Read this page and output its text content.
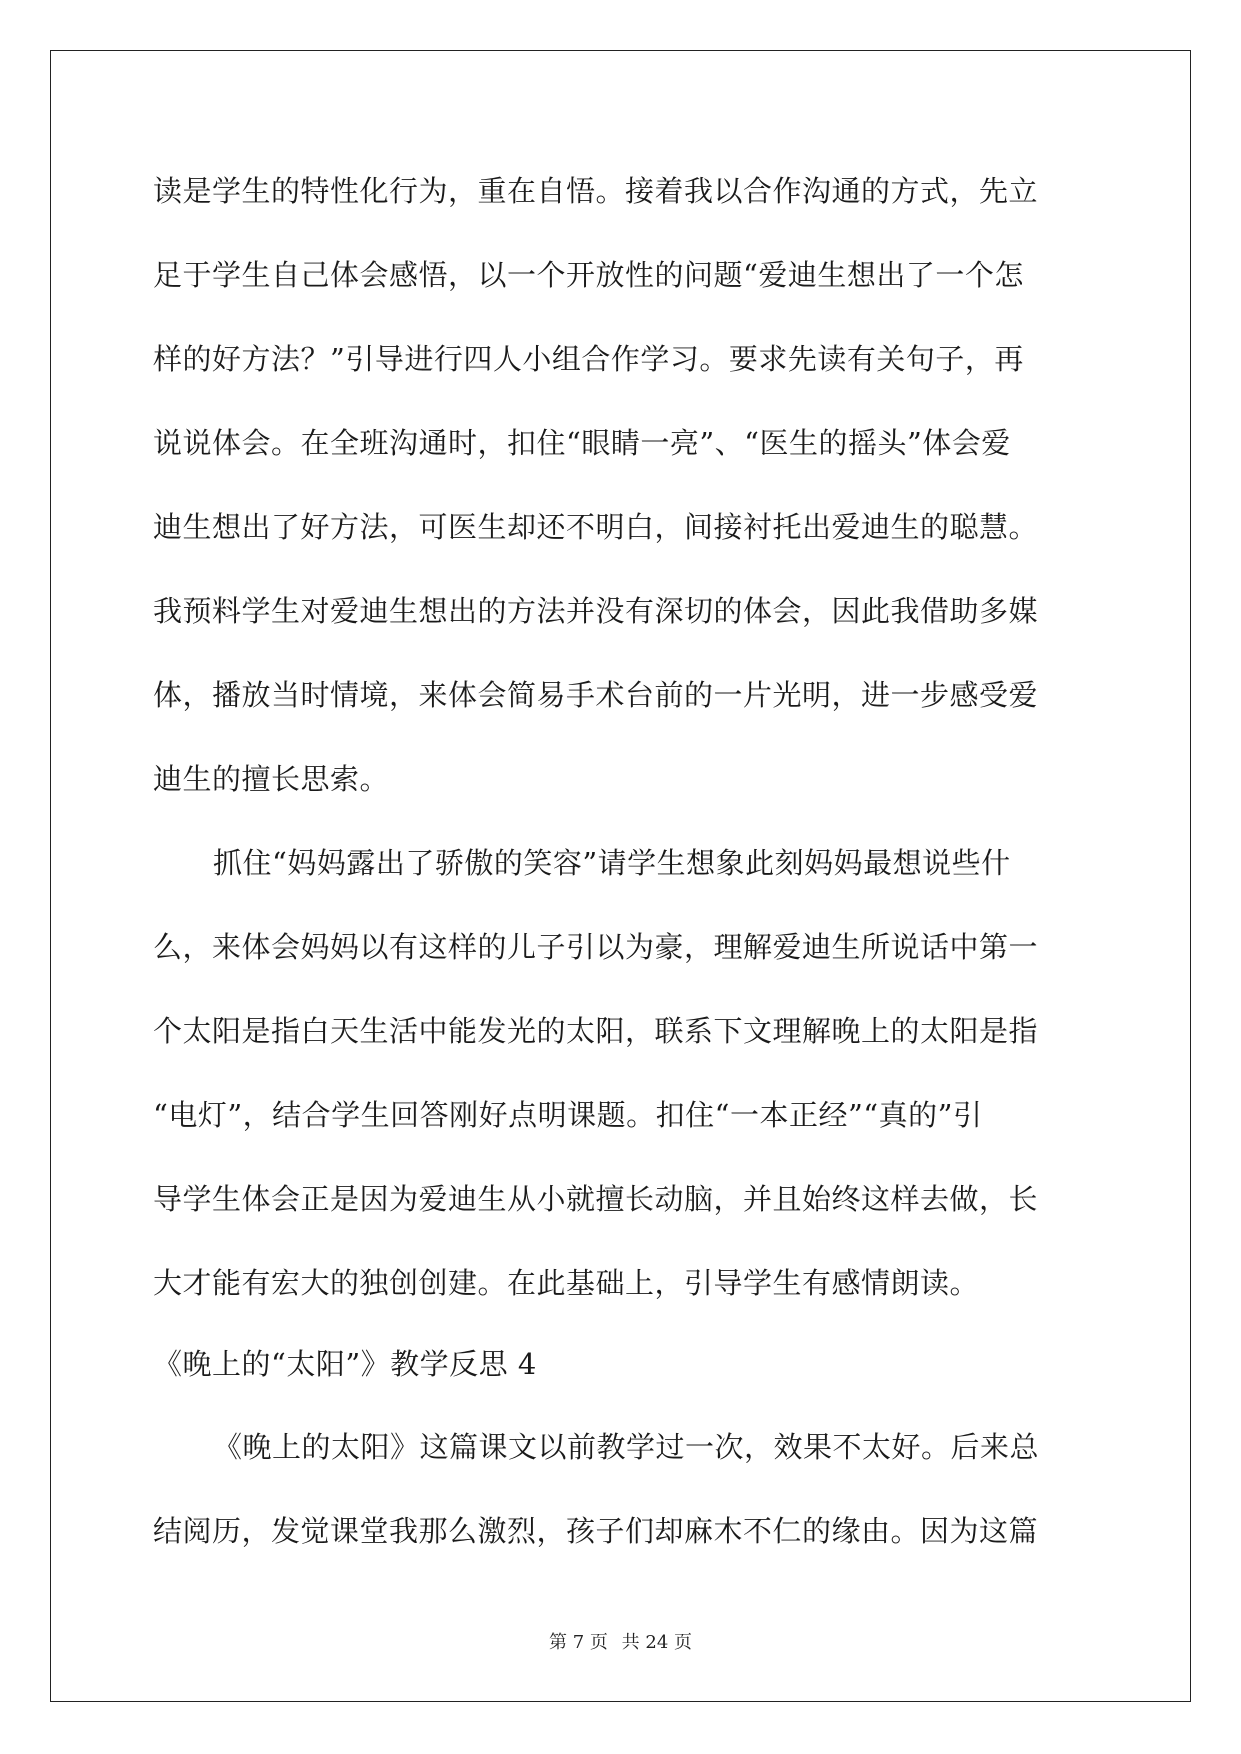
读是学生的特性化行为，重在自悟。接着我以合作沟通的方式，先立
足于学生自己体会感悟，以一个开放性的问题“爱迪生想出了一个怎
样的好方法？”引导进行四人小组合作学习。要求先读有关句子，再
说说体会。在全班沟通时，扣住“眼睛一亮”、“医生的摇头”体会爱
迪生想出了好方法，可医生却还不明白，间接衬托出爱迪生的聪慧。
我预料学生对爱迪生想出的方法并没有深切的体会，因此我借助多媒
体，播放当时情境，来体会简易手术台前的一片光明，进一步感受爱
迪生的擅长思索。
抓住“妈妈露出了骄傲的笑容”请学生想象此刻妈妈最想说些什
么，来体会妈妈以有这样的儿子引以为豪，理解爱迪生所说话中第一
个太阳是指白天生活中能发光的太阳，联系下文理解晚上的太阳是指
“电灯”，结合学生回答刚好点明课题。扣住“一本正经”“真的”引
导学生体会正是因为爱迪生从小就擅长动脑，并且始终这样去做，长
大才能有宏大的独创创建。在此基础上，引导学生有感情朗读。
《晚上的“太阳”》教学反思 4
《晚上的太阳》这篇课文以前教学过一次，效果不太好。后来总
结阅历，发觉课堂我那么激烈，孩子们却麻木不仁的缘由。因为这篇
第 7 页 共 24 页
